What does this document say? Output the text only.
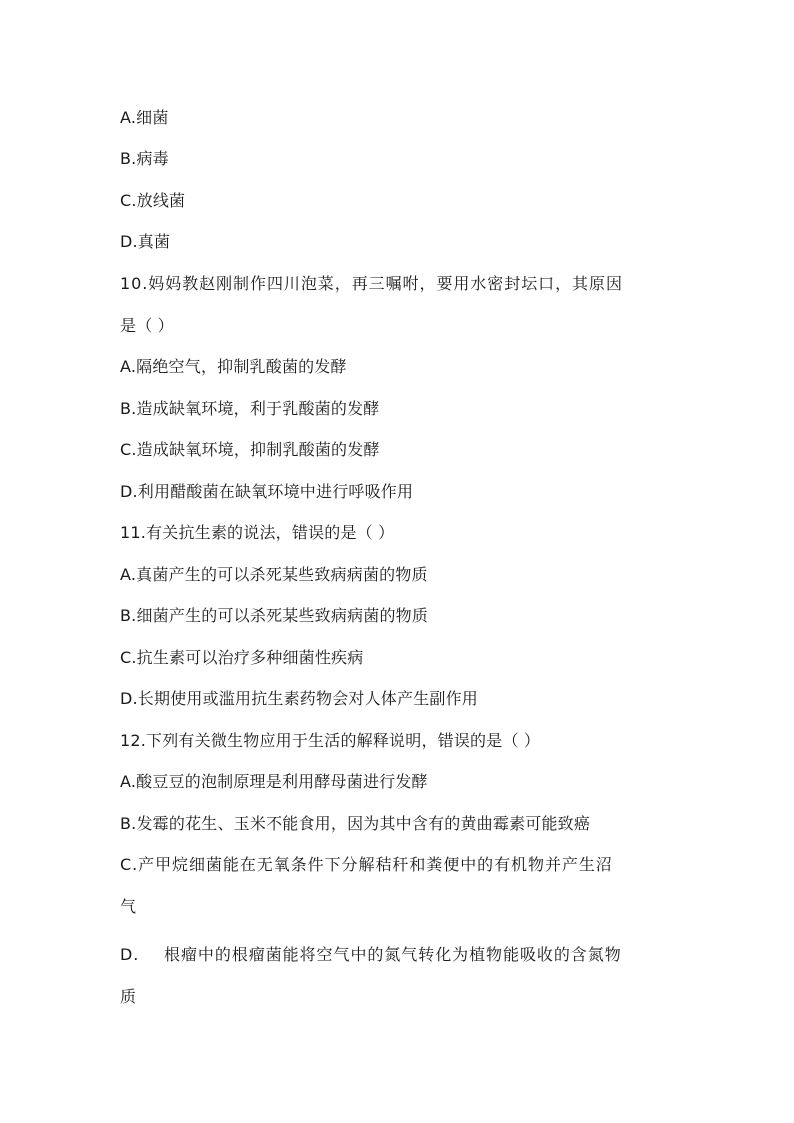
A.细菌
B.病毒
C.放线菌
D.真菌
10.妈妈教赵刚制作四川泡菜，再三嘱咐，要用水密封坛口，其原因
是（ ）
A.隔绝空气，抑制乳酸菌的发酵
B.造成缺氧环境，利于乳酸菌的发酵
C.造成缺氧环境，抑制乳酸菌的发酵
D.利用醋酸菌在缺氧环境中进行呼吸作用
11.有关抗生素的说法，错误的是（ ）
A.真菌产生的可以杀死某些致病病菌的物质
B.细菌产生的可以杀死某些致病病菌的物质
C.抗生素可以治疗多种细菌性疾病
D.长期使用或滥用抗生素药物会对人体产生副作用
12.下列有关微生物应用于生活的解释说明，错误的是（ ）
A.酸豆豆的泡制原理是利用酵母菌进行发酵
B.发霉的花生、玉米不能食用，因为其中含有的黄曲霉素可能致癌
C.产甲烷细菌能在无氧条件下分解秸秆和粪便中的有机物并产生沼
气
D. 根瘤中的根瘤菌能将空气中的氮气转化为植物能吸收的含氮物
质
